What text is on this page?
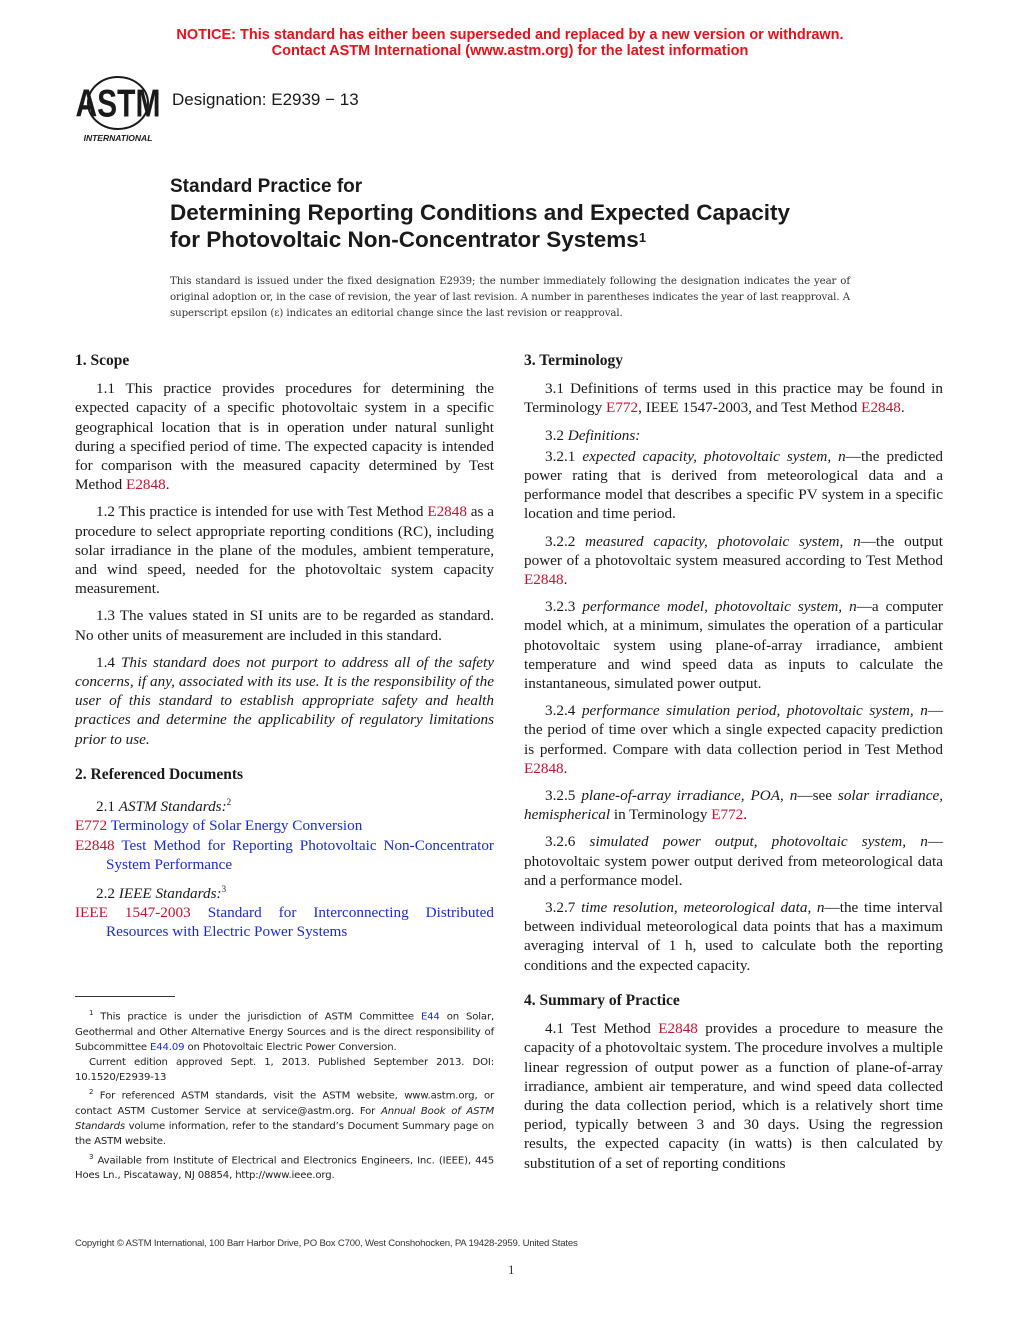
NOTICE: This standard has either been superseded and replaced by a new version or withdrawn.
Contact ASTM International (www.astm.org) for the latest information
ASTM
INTERNATIONAL
Designation: E2939 − 13
Standard Practice for
Determining Reporting Conditions and Expected Capacity
for Photovoltaic Non-Concentrator Systems$^1$
This standard is issued under the fixed designation E2939; the number immediately following the designation indicates the year of original adoption or, in the case of revision, the year of last revision. A number in parentheses indicates the year of last reapproval. A superscript epsilon (ε) indicates an editorial change since the last revision or reapproval.
1. Scope
1.1 This practice provides procedures for determining the expected capacity of a specific photovoltaic system in a specific geographical location that is in operation under natural sunlight during a specified period of time. The expected capacity is intended for comparison with the measured capacity determined by Test Method E2848.
1.2 This practice is intended for use with Test Method E2848 as a procedure to select appropriate reporting conditions (RC), including solar irradiance in the plane of the modules, ambient temperature, and wind speed, needed for the photovoltaic system capacity measurement.
1.3 The values stated in SI units are to be regarded as standard. No other units of measurement are included in this standard.
1.4 This standard does not purport to address all of the safety concerns, if any, associated with its use. It is the responsibility of the user of this standard to establish appropriate safety and health practices and determine the applicability of regulatory limitations prior to use.
2. Referenced Documents
2.1 ASTM Standards:$^2$
E772 Terminology of Solar Energy Conversion
E2848 Test Method for Reporting Photovoltaic Non-Concentrator System Performance
2.2 IEEE Standards:$^3$
IEEE 1547-2003 Standard for Interconnecting Distributed Resources with Electric Power Systems
$^1$ This practice is under the jurisdiction of ASTM Committee E44 on Solar, Geothermal and Other Alternative Energy Sources and is the direct responsibility of Subcommittee E44.09 on Photovoltaic Electric Power Conversion.
Current edition approved Sept. 1, 2013. Published September 2013. DOI: 10.1520/E2939-13
$^2$ For referenced ASTM standards, visit the ASTM website, www.astm.org, or contact ASTM Customer Service at service@astm.org. For Annual Book of ASTM Standards volume information, refer to the standard’s Document Summary page on the ASTM website.
$^3$ Available from Institute of Electrical and Electronics Engineers, Inc. (IEEE), 445 Hoes Ln., Piscataway, NJ 08854, http://www.ieee.org.
3. Terminology
3.1 Definitions of terms used in this practice may be found in Terminology E772, IEEE 1547-2003, and Test Method E2848.
3.2 Definitions:
3.2.1 expected capacity, photovoltaic system, n—the predicted power rating that is derived from meteorological data and a performance model that describes a specific PV system in a specific location and time period.
3.2.2 measured capacity, photovolaic system, n—the output power of a photovoltaic system measured according to Test Method E2848.
3.2.3 performance model, photovoltaic system, n—a computer model which, at a minimum, simulates the operation of a particular photovoltaic system using plane-of-array irradiance, ambient temperature and wind speed data as inputs to calculate the instantaneous, simulated power output.
3.2.4 performance simulation period, photovoltaic system, n—the period of time over which a single expected capacity prediction is performed. Compare with data collection period in Test Method E2848.
3.2.5 plane-of-array irradiance, POA, n—see solar irradiance, hemispherical in Terminology E772.
3.2.6 simulated power output, photovoltaic system, n—photovoltaic system power output derived from meteorological data and a performance model.
3.2.7 time resolution, meteorological data, n—the time interval between individual meteorological data points that has a maximum averaging interval of 1 h, used to calculate both the reporting conditions and the expected capacity.
4. Summary of Practice
4.1 Test Method E2848 provides a procedure to measure the capacity of a photovoltaic system. The procedure involves a multiple linear regression of output power as a function of plane-of-array irradiance, ambient air temperature, and wind speed data collected during the data collection period, which is a relatively short time period, typically between 3 and 30 days. Using the regression results, the expected capacity (in watts) is then calculated by substitution of a set of reporting conditions
Copyright © ASTM International, 100 Barr Harbor Drive, PO Box C700, West Conshohocken, PA 19428-2959. United States
1
